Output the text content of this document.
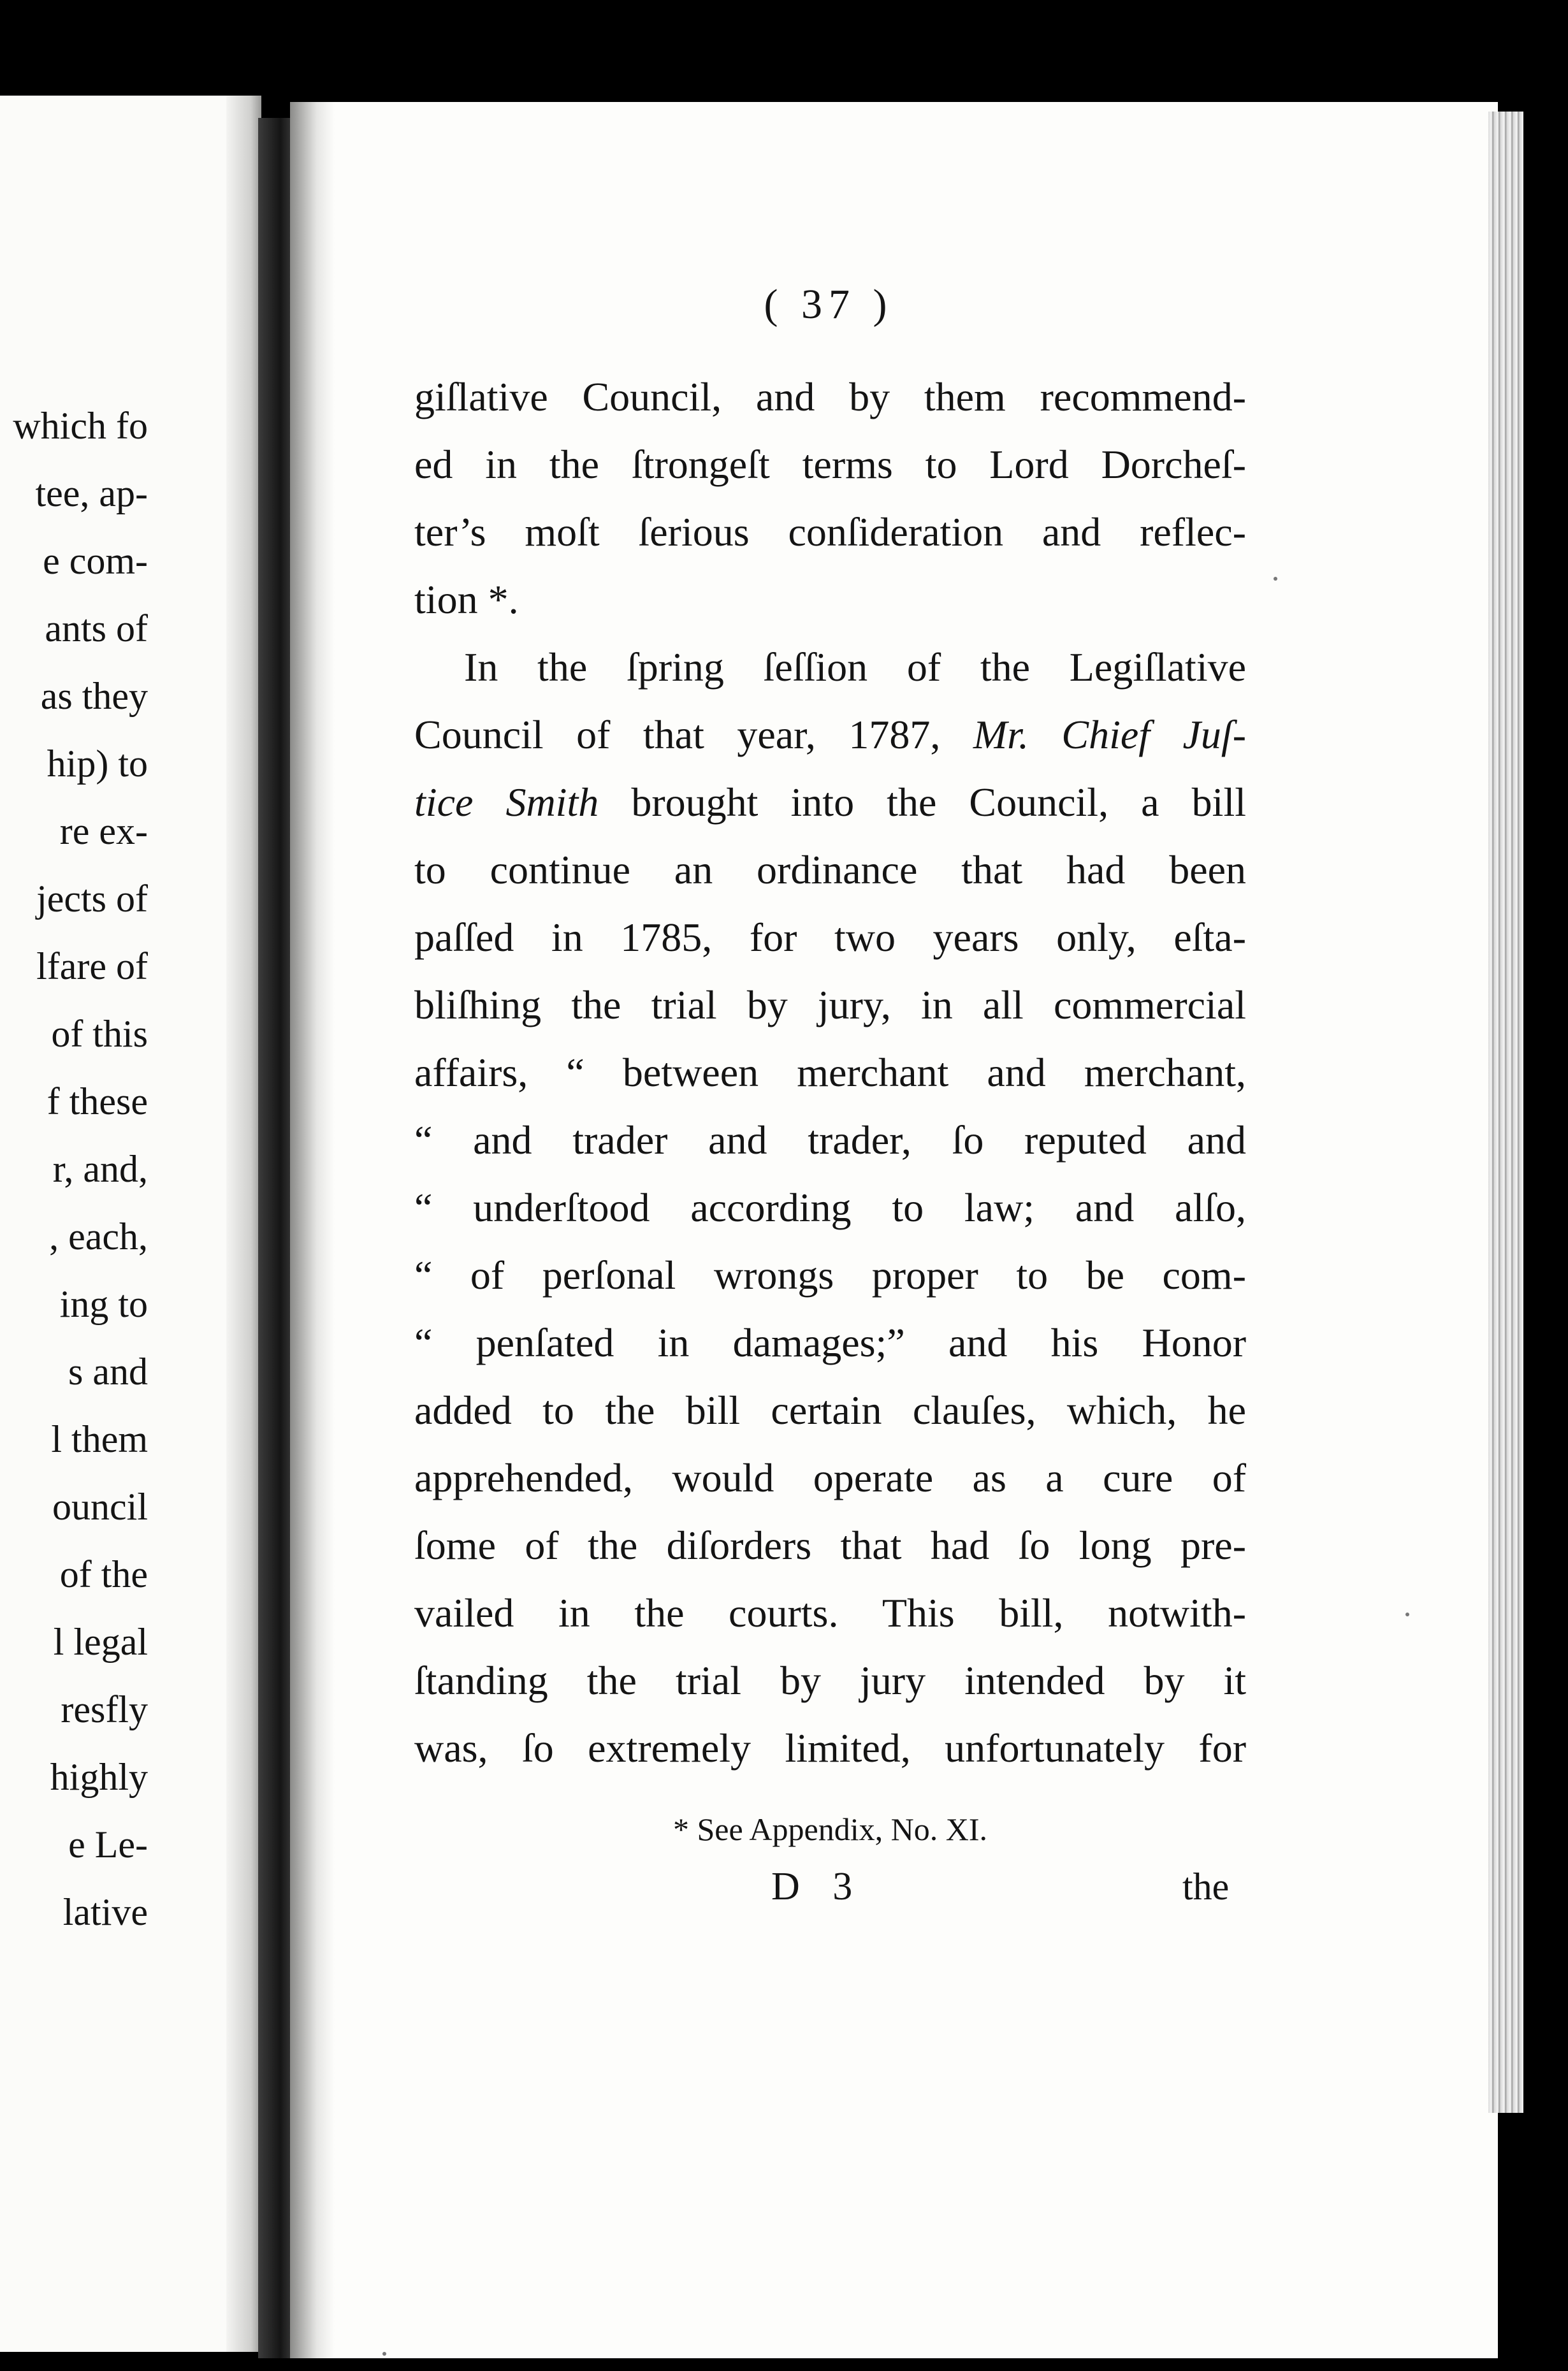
which fo
tee, ap-
e com-
ants of
as they
hip) to
re ex-
jects of
lfare of
of this
f these
r, and,
, each,
ing to
s and
l them
ouncil
of the
l legal
resfly
highly
e Le-
lative
( 37 )
giſlative Council, and by them recommend-
ed in the ſtrongeſt terms to Lord Dorcheſ-
ter’s moſt ſerious conſideration and reflec-
tion *.
In the ſpring ſeſſion of the Legiſlative
Council of that year, 1787, Mr. Chief Juſ-
tice Smith brought into the Council, a bill
to continue an ordinance that had been
paſſed in 1785, for two years only, eſta-
bliſhing the trial by jury, in all commercial
affairs, “ between merchant and merchant,
“ and trader and trader, ſo reputed and
“ underſtood according to law; and alſo,
“ of perſonal wrongs proper to be com-
“ penſated in damages;” and his Honor
added to the bill certain clauſes, which, he
apprehended, would operate as a cure of
ſome of the diſorders that had ſo long pre-
vailed in the courts. This bill, notwith-
ſtanding the trial by jury intended by it
was, ſo extremely limited, unfortunately for
* See Appendix, No. XI.
D 3	the
